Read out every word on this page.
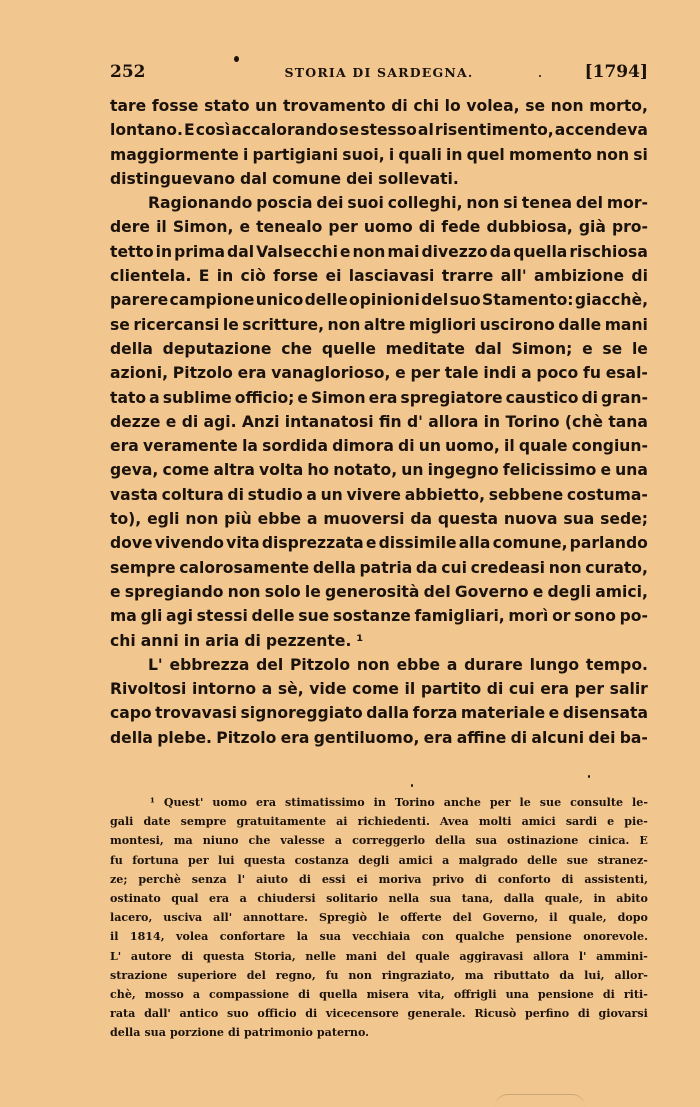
252	STORIA DI SARDEGNA.	[1794]
tare fosse stato un trovamento di chi lo volea, se non morto,
lontano. E così accalorando se stesso al risentimento, accendeva
maggiormente i partigiani suoi, i quali in quel momento non si
distinguevano dal comune dei sollevati.
Ragionando poscia dei suoi colleghi, non si tenea del mor-
dere il Simon, e tenealo per uomo di fede dubbiosa, già pro-
tetto in prima dal Valsecchi e non mai divezzo da quella rischiosa
clientela. E in ciò forse ei lasciavasi trarre all' ambizione di
parere campione unico delle opinioni del suo Stamento: giacchè,
se ricercansi le scritture, non altre migliori uscirono dalle mani
della deputazione che quelle meditate dal Simon; e se le
azioni, Pitzolo era vanaglorioso, e per tale indi a poco fu esal-
tato a sublime officio; e Simon era spregiatore caustico di gran-
dezze e di agi. Anzi intanatosi fin d' allora in Torino (chè tana
era veramente la sordida dimora di un uomo, il quale congiun-
geva, come altra volta ho notato, un ingegno felicissimo e una
vasta coltura di studio a un vivere abbietto, sebbene costuma-
to), egli non più ebbe a muoversi da questa nuova sua sede;
dove vivendo vita disprezzata e dissimile alla comune, parlando
sempre calorosamente della patria da cui credeasi non curato,
e spregiando non solo le generosità del Governo e degli amici,
ma gli agi stessi delle sue sostanze famigliari, morì or sono po-
chi anni in aria di pezzente. ¹
L' ebbrezza del Pitzolo non ebbe a durare lungo tempo.
Rivoltosi intorno a sè, vide come il partito di cui era per salir
capo trovavasi signoreggiato dalla forza materiale e disensata
della plebe. Pitzolo era gentiluomo, era affine di alcuni dei ba-
¹ Quest' uomo era stimatissimo in Torino anche per le sue consulte le-
gali date sempre gratuitamente ai richiedenti. Avea molti amici sardi e pie-
montesi, ma niuno che valesse a correggerlo della sua ostinazione cinica. E
fu fortuna per lui questa costanza degli amici a malgrado delle sue stranez-
ze; perchè senza l' aiuto di essi ei moriva privo di conforto di assistenti,
ostinato qual era a chiudersi solitario nella sua tana, dalla quale, in abito
lacero, usciva all' annottare. Spregiò le offerte del Governo, il quale, dopo
il 1814, volea confortare la sua vecchiaia con qualche pensione onorevole.
L' autore di questa Storia, nelle mani del quale aggiravasi allora l' ammini-
strazione superiore del regno, fu non ringraziato, ma ributtato da lui, allor-
chè, mosso a compassione di quella misera vita, offrigli una pensione di riti-
rata dall' antico suo officio di vicecensore generale. Ricusò perfino di giovarsi
della sua porzione di patrimonio paterno.
